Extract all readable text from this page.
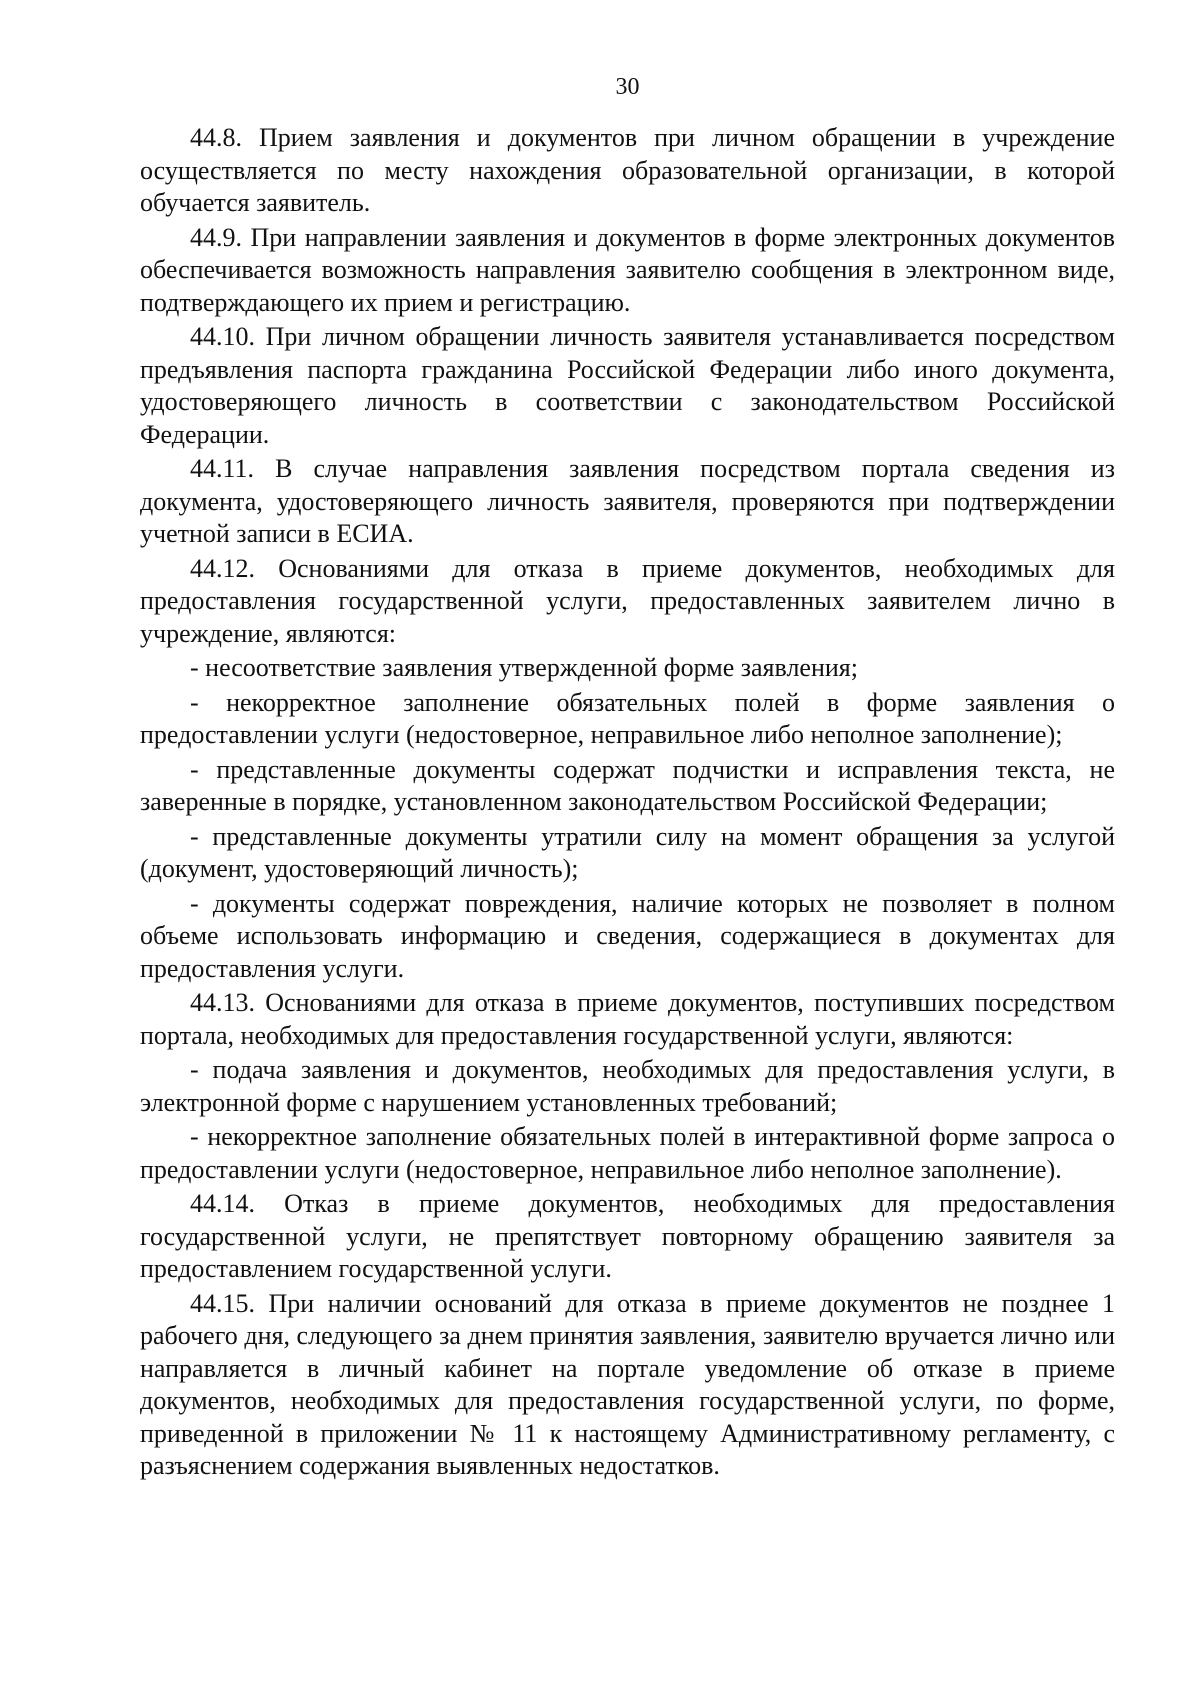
30

44.8. Прием заявления и документов при личном обращении в учреждение осуществляется по месту нахождения образовательной организации, в которой обучается заявитель.

44.9. При направлении заявления и документов в форме электронных документов обеспечивается возможность направления заявителю сообщения в электронном виде, подтверждающего их прием и регистрацию.

44.10. При личном обращении личность заявителя устанавливается посредством предъявления паспорта гражданина Российской Федерации либо иного документа, удостоверяющего личность в соответствии с законодательством Российской Федерации.

44.11. В случае направления заявления посредством портала сведения из документа, удостоверяющего личность заявителя, проверяются при подтверждении учетной записи в ЕСИА.

44.12. Основаниями для отказа в приеме документов, необходимых для предоставления государственной услуги, предоставленных заявителем лично в учреждение, являются:

- несоответствие заявления утвержденной форме заявления;

- некорректное заполнение обязательных полей в форме заявления о предоставлении услуги (недостоверное, неправильное либо неполное заполнение);

- представленные документы содержат подчистки и исправления текста, не заверенные в порядке, установленном законодательством Российской Федерации;

- представленные документы утратили силу на момент обращения за услугой (документ, удостоверяющий личность);

- документы содержат повреждения, наличие которых не позволяет в полном объеме использовать информацию и сведения, содержащиеся в документах для предоставления услуги.

44.13. Основаниями для отказа в приеме документов, поступивших посредством портала, необходимых для предоставления государственной услуги, являются:

- подача заявления и документов, необходимых для предоставления услуги, в электронной форме с нарушением установленных требований;

- некорректное заполнение обязательных полей в интерактивной форме запроса о предоставлении услуги (недостоверное, неправильное либо неполное заполнение).

44.14. Отказ в приеме документов, необходимых для предоставления государственной услуги, не препятствует повторному обращению заявителя за предоставлением государственной услуги.

44.15. При наличии оснований для отказа в приеме документов не позднее 1 рабочего дня, следующего за днем принятия заявления, заявителю вручается лично или направляется в личный кабинет на портале уведомление об отказе в приеме документов, необходимых для предоставления государственной услуги, по форме, приведенной в приложении № 11 к настоящему Административному регламенту, с разъяснением содержания выявленных недостатков.
